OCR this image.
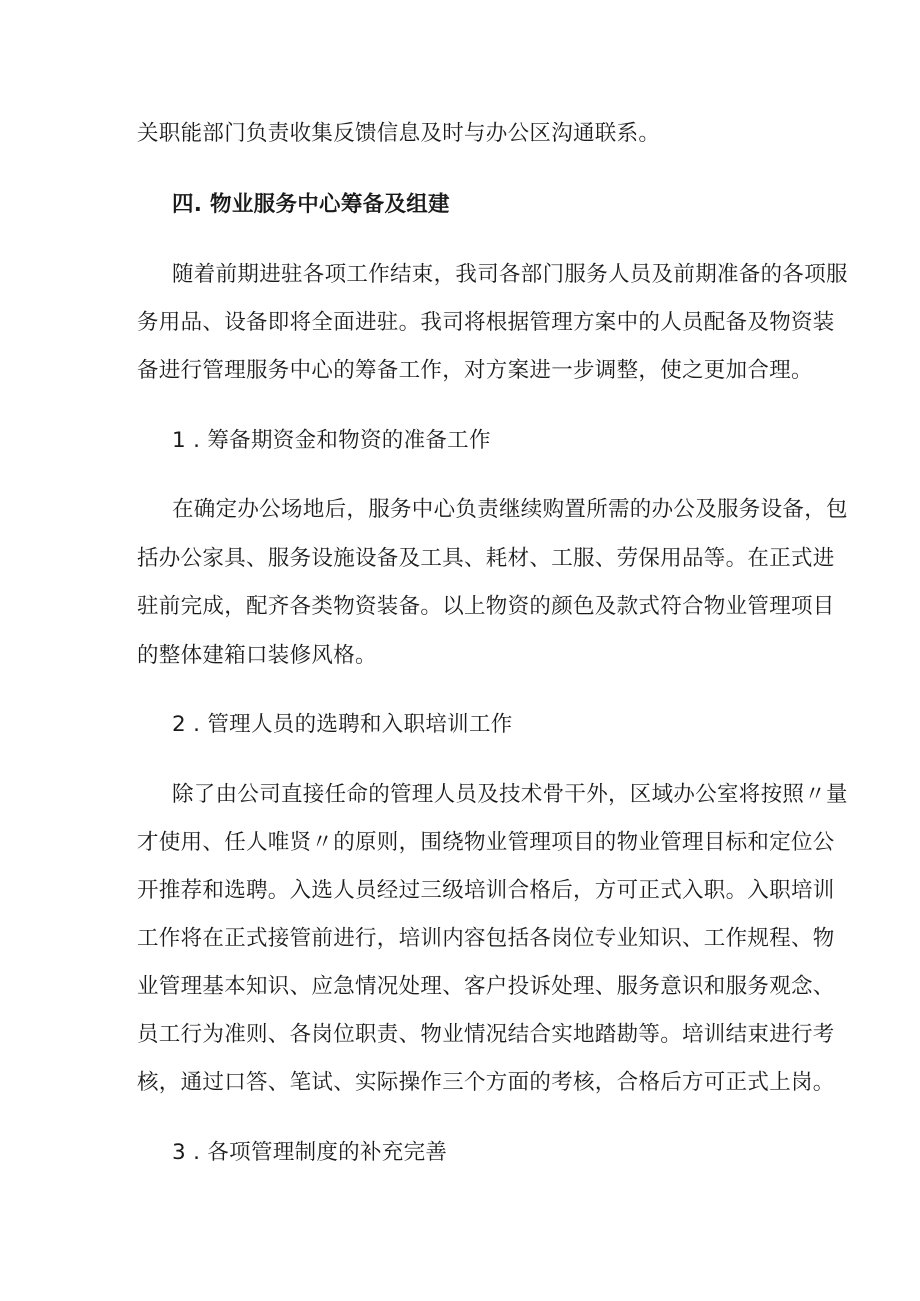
关职能部门负责收集反馈信息及时与办公区沟通联系。
四. 物业服务中心筹备及组建
随着前期进驻各项工作结束，我司各部门服务人员及前期准备的各项服
务用品、设备即将全面进驻。我司将根据管理方案中的人员配备及物资装
备进行管理服务中心的筹备工作，对方案进一步调整，使之更加合理。
1 . 筹备期资金和物资的准备工作
在确定办公场地后，服务中心负责继续购置所需的办公及服务设备，包
括办公家具、服务设施设备及工具、耗材、工服、劳保用品等。在正式进
驻前完成，配齐各类物资装备。以上物资的颜色及款式符合物业管理项目
的整体建箱口装修风格。
2 . 管理人员的选聘和入职培训工作
除了由公司直接任命的管理人员及技术骨干外，区域办公室将按照〃量
才使用、任人唯贤〃的原则，围绕物业管理项目的物业管理目标和定位公
开推荐和选聘。入选人员经过三级培训合格后，方可正式入职。入职培训
工作将在正式接管前进行，培训内容包括各岗位专业知识、工作规程、物
业管理基本知识、应急情况处理、客户投诉处理、服务意识和服务观念、
员工行为准则、各岗位职责、物业情况结合实地踏勘等。培训结束进行考
核，通过口答、笔试、实际操作三个方面的考核，合格后方可正式上岗。
3 . 各项管理制度的补充完善
